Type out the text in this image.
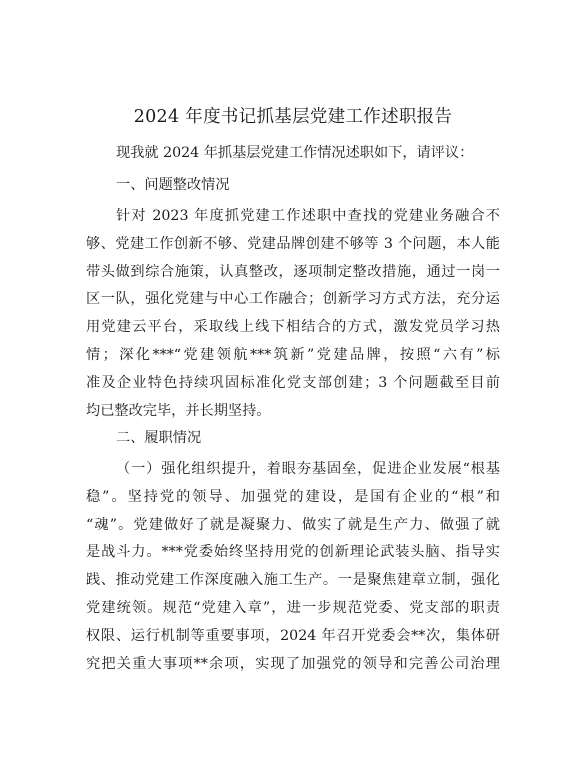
2024 年度书记抓基层党建工作述职报告
现我就 2024 年抓基层党建工作情况述职如下，请评议：
一、问题整改情况
针对 2023 年度抓党建工作述职中查找的党建业务融合不
够、党建工作创新不够、党建品牌创建不够等 3 个问题，本人能
带头做到综合施策，认真整改，逐项制定整改措施，通过一岗一
区一队，强化党建与中心工作融合；创新学习方式方法，充分运
用党建云平台，采取线上线下相结合的方式，激发党员学习热
情；深化***“党建领航***筑新”党建品牌，按照“六有”标
准及企业特色持续巩固标准化党支部创建；3 个问题截至目前
均已整改完毕，并长期坚持。
二、履职情况
（一）强化组织提升，着眼夯基固垒，促进企业发展“根基
稳”。坚持党的领导、加强党的建设，是国有企业的“根”和
“魂”。党建做好了就是凝聚力、做实了就是生产力、做强了就
是战斗力。***党委始终坚持用党的创新理论武装头脑、指导实
践、推动党建工作深度融入施工生产。一是聚焦建章立制，强化
党建统领。规范“党建入章”，进一步规范党委、党支部的职责
权限、运行机制等重要事项，2024 年召开党委会**次，集体研
究把关重大事项**余项，实现了加强党的领导和完善公司治理
